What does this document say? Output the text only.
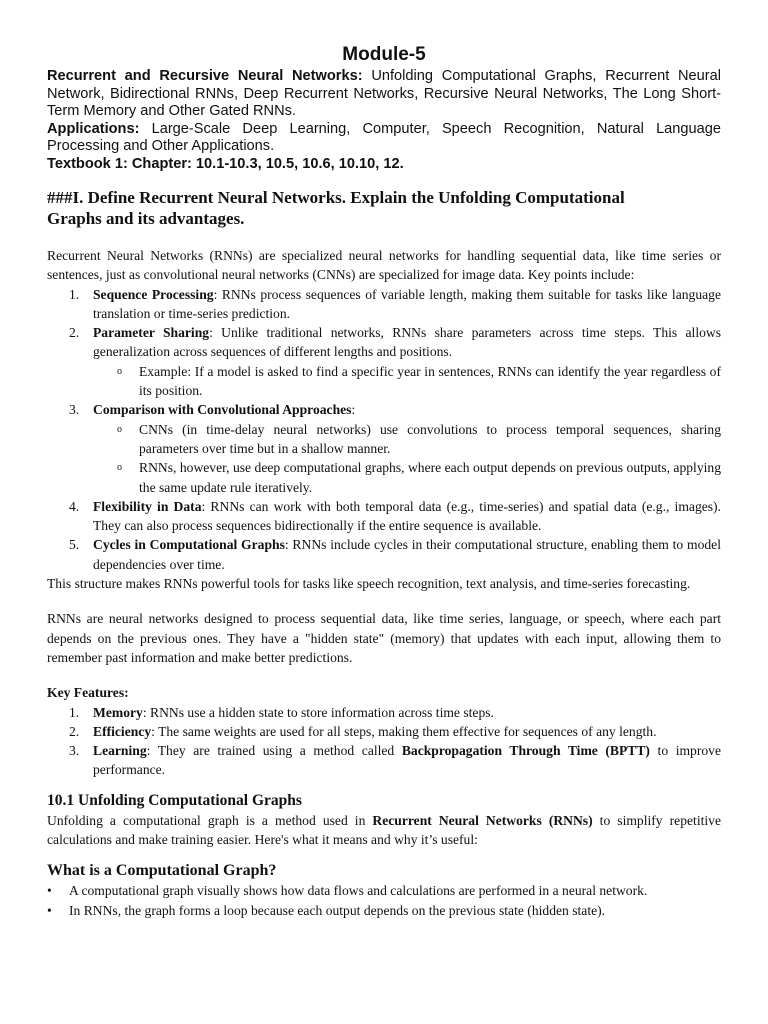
Module-5

Recurrent and Recursive Neural Networks: Unfolding Computational Graphs, Recurrent Neural Network, Bidirectional RNNs, Deep Recurrent Networks, Recursive Neural Networks, The Long Short-Term Memory and Other Gated RNNs.

Applications: Large-Scale Deep Learning, Computer, Speech Recognition, Natural Language Processing and Other Applications.

Textbook 1: Chapter: 10.1-10.3, 10.5, 10.6, 10.10, 12.

###I. Define Recurrent Neural Networks. Explain the Unfolding Computational Graphs and its advantages.

Recurrent Neural Networks (RNNs) are specialized neural networks for handling sequential data, like time series or sentences, just as convolutional neural networks (CNNs) are specialized for image data. Key points include:

1. Sequence Processing: RNNs process sequences of variable length, making them suitable for tasks like language translation or time-series prediction.
2. Parameter Sharing: Unlike traditional networks, RNNs share parameters across time steps. This allows generalization across sequences of different lengths and positions.
o Example: If a model is asked to find a specific year in sentences, RNNs can identify the year regardless of its position.
3. Comparison with Convolutional Approaches:
o CNNs (in time-delay neural networks) use convolutions to process temporal sequences, sharing parameters over time but in a shallow manner.
o RNNs, however, use deep computational graphs, where each output depends on previous outputs, applying the same update rule iteratively.
4. Flexibility in Data: RNNs can work with both temporal data (e.g., time-series) and spatial data (e.g., images). They can also process sequences bidirectionally if the entire sequence is available.
5. Cycles in Computational Graphs: RNNs include cycles in their computational structure, enabling them to model dependencies over time.

This structure makes RNNs powerful tools for tasks like speech recognition, text analysis, and time-series forecasting.

RNNs are neural networks designed to process sequential data, like time series, language, or speech, where each part depends on the previous ones. They have a "hidden state" (memory) that updates with each input, allowing them to remember past information and make better predictions.

Key Features:

1. Memory: RNNs use a hidden state to store information across time steps.
2. Efficiency: The same weights are used for all steps, making them effective for sequences of any length.
3. Learning: They are trained using a method called Backpropagation Through Time (BPTT) to improve performance.
10.1 Unfolding Computational Graphs

Unfolding a computational graph is a method used in Recurrent Neural Networks (RNNs) to simplify repetitive calculations and make training easier. Here's what it means and why it’s useful:

What is a Computational Graph?
• A computational graph visually shows how data flows and calculations are performed in a neural network.
• In RNNs, the graph forms a loop because each output depends on the previous state (hidden state).
